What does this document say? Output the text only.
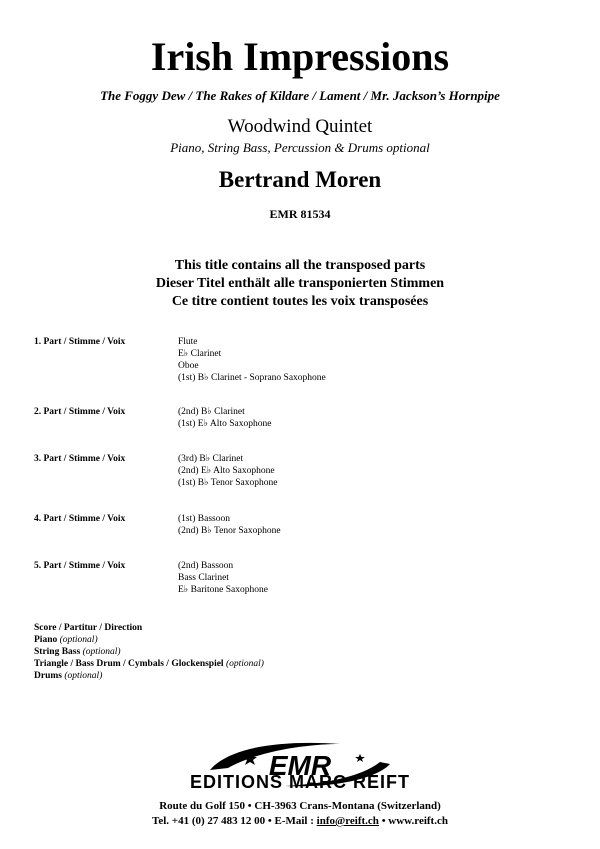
Irish Impressions
The Foggy Dew / The Rakes of Kildare / Lament / Mr. Jackson’s Hornpipe
Woodwind Quintet
Piano, String Bass, Percussion & Drums optional
Bertrand Moren
EMR 81534
This title contains all the transposed parts
Dieser Titel enthält alle transponierten Stimmen
Ce titre contient toutes les voix transposées
1. Part / Stimme / Voix	Flute
E♭ Clarinet
Oboe
(1st) B♭ Clarinet - Soprano Saxophone
2. Part / Stimme / Voix	(2nd) B♭ Clarinet
(1st) E♭ Alto Saxophone
3. Part / Stimme / Voix	(3rd) B♭ Clarinet
(2nd) E♭ Alto Saxophone
(1st) B♭ Tenor Saxophone
4. Part / Stimme / Voix	(1st) Bassoon
(2nd) B♭ Tenor Saxophone
5. Part / Stimme / Voix	(2nd) Bassoon
Bass Clarinet
E♭ Baritone Saxophone
Score / Partitur / Direction
Piano (optional)
String Bass (optional)
Triangle / Bass Drum / Cymbals / Glockenspiel (optional)
Drums (optional)
EMR
EDITIONS MARC REIFT
Route du Golf 150 • CH-3963 Crans-Montana (Switzerland)
Tel. +41 (0) 27 483 12 00 • E-Mail : info@reift.ch • www.reift.ch
